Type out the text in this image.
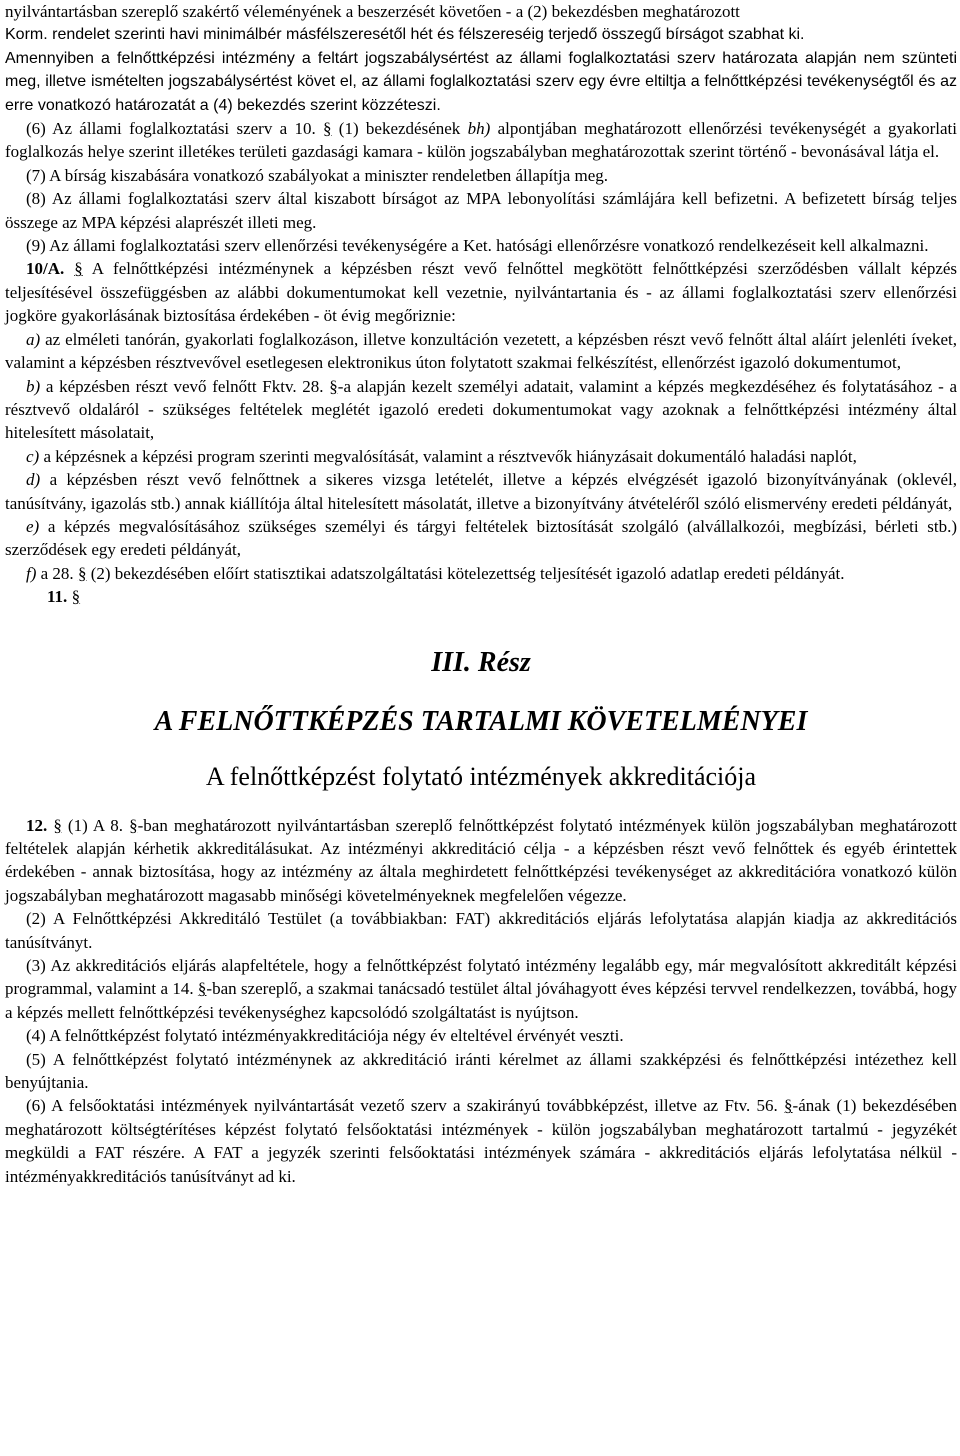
nyilvántartásban szereplő szakértő véleményének a beszerzését követően - a (2) bekezdésben meghatározott

Korm. rendelet szerinti havi minimálbér másfélszeresétől hét és félszereséig terjedő összegű bírságot szabhat ki.

Amennyiben a felnőttképzési intézmény a feltárt jogszabálysértést az állami foglalkoztatási szerv határozata alapján nem szünteti meg, illetve ismételten jogszabálysértést követ el, az állami foglalkoztatási szerv egy évre eltiltja a felnőttképzési tevékenységtől és az erre vonatkozó határozatát a (4) bekezdés szerint közzéteszi.

(6) Az állami foglalkoztatási szerv a 10. § (1) bekezdésének bh) alpontjában meghatározott ellenőrzési tevékenységét a gyakorlati foglalkozás helye szerint illetékes területi gazdasági kamara - külön jogszabályban meghatározottak szerint történő - bevonásával látja el.

(7) A bírság kiszabására vonatkozó szabályokat a miniszter rendeletben állapítja meg.

(8) Az állami foglalkoztatási szerv által kiszabott bírságot az MPA lebonyolítási számlájára kell befizetni. A befizetett bírság teljes összege az MPA képzési alaprészét illeti meg.

(9) Az állami foglalkoztatási szerv ellenőrzési tevékenységére a Ket. hatósági ellenőrzésre vonatkozó rendelkezéseit kell alkalmazni.

10/A. § A felnőttképzési intézménynek a képzésben részt vevő felnőttel megkötött felnőttképzési szerződésben vállalt képzés teljesítésével összefüggésben az alábbi dokumentumokat kell vezetnie, nyilvántartania és - az állami foglalkoztatási szerv ellenőrzési jogköre gyakorlásának biztosítása érdekében - öt évig megőriznie:

a) az elméleti tanórán, gyakorlati foglalkozáson, illetve konzultáción vezetett, a képzésben részt vevő felnőtt által aláírt jelenléti íveket, valamint a képzésben résztvevővel esetlegesen elektronikus úton folytatott szakmai felkészítést, ellenőrzést igazoló dokumentumot,

b) a képzésben részt vevő felnőtt Fktv. 28. §-a alapján kezelt személyi adatait, valamint a képzés megkezdéséhez és folytatásához - a résztvevő oldaláról - szükséges feltételek meglétét igazoló eredeti dokumentumokat vagy azoknak a felnőttképzési intézmény által hitelesített másolatait,

c) a képzésnek a képzési program szerinti megvalósítását, valamint a résztvevők hiányzásait dokumentáló haladási naplót,

d) a képzésben részt vevő felnőttnek a sikeres vizsga letételét, illetve a képzés elvégzését igazoló bizonyítványának (oklevél, tanúsítvány, igazolás stb.) annak kiállítója által hitelesített másolatát, illetve a bizonyítvány átvételéről szóló elismervény eredeti példányát,

e) a képzés megvalósításához szükséges személyi és tárgyi feltételek biztosítását szolgáló (alvállalkozói, megbízási, bérleti stb.) szerződések egy eredeti példányát,

f) a 28. § (2) bekezdésében előírt statisztikai adatszolgáltatási kötelezettség teljesítését igazoló adatlap eredeti példányát.

11. §

III. Rész
A FELNŐTTKÉPZÉS TARTALMI KÖVETELMÉNYEI
A felnőttképzést folytató intézmények akkreditációja

12. § (1) A 8. §-ban meghatározott nyilvántartásban szereplő felnőttképzést folytató intézmények külön jogszabályban meghatározott feltételek alapján kérhetik akkreditálásukat. Az intézményi akkreditáció célja - a képzésben részt vevő felnőttek és egyéb érintettek érdekében - annak biztosítása, hogy az intézmény az általa meghirdetett felnőttképzési tevékenységet az akkreditációra vonatkozó külön jogszabályban meghatározott magasabb minőségi követelményeknek megfelelően végezze.

(2) A Felnőttképzési Akkreditáló Testület (a továbbiakban: FAT) akkreditációs eljárás lefolytatása alapján kiadja az akkreditációs tanúsítványt.

(3) Az akkreditációs eljárás alapfeltétele, hogy a felnőttképzést folytató intézmény legalább egy, már megvalósított akkreditált képzési programmal, valamint a 14. §-ban szereplő, a szakmai tanácsadó testület által jóváhagyott éves képzési tervvel rendelkezzen, továbbá, hogy a képzés mellett felnőttképzési tevékenységhez kapcsolódó szolgáltatást is nyújtson.

(4) A felnőttképzést folytató intézményakkreditációja négy év elteltével érvényét veszti.

(5) A felnőttképzést folytató intézménynek az akkreditáció iránti kérelmet az állami szakképzési és felnőttképzési intézethez kell benyújtania.

(6) A felsőoktatási intézmények nyilvántartását vezető szerv a szakirányú továbbképzést, illetve az Ftv. 56. §-ának (1) bekezdésében meghatározott költségtérítéses képzést folytató felsőoktatási intézmények - külön jogszabályban meghatározott tartalmú - jegyzékét megküldi a FAT részére. A FAT a jegyzék szerinti felsőoktatási intézmények számára - akkreditációs eljárás lefolytatása nélkül - intézményakkreditációs tanúsítványt ad ki.
